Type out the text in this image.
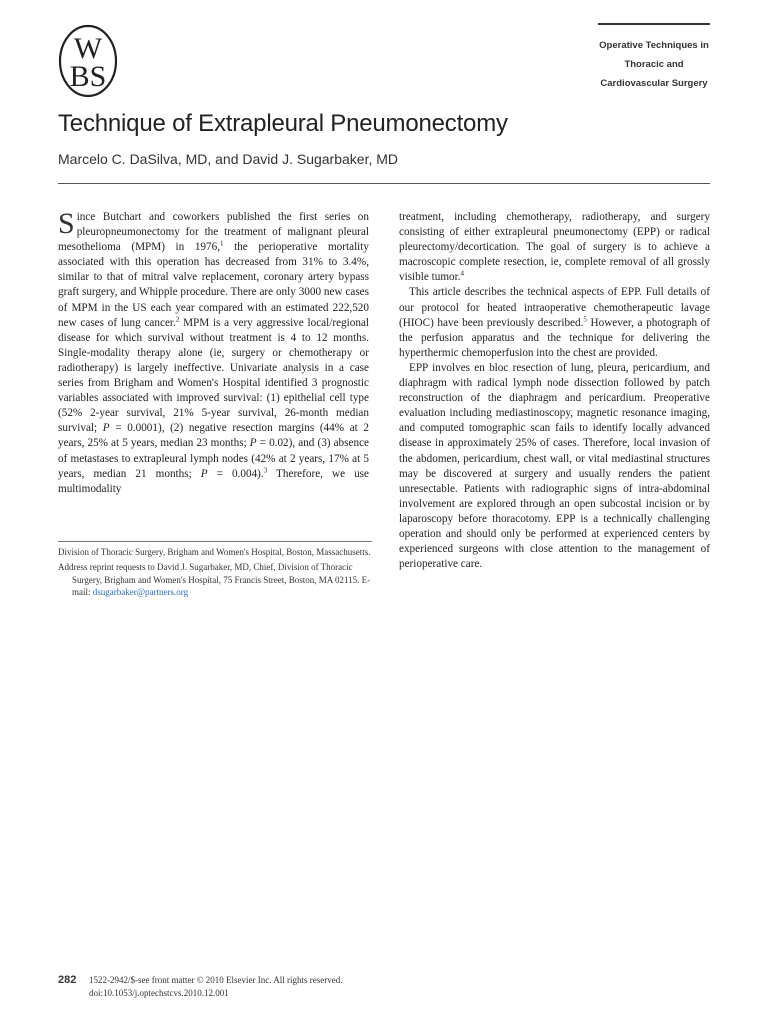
W
BS
Operative Techniques in
Thoracic and
Cardiovascular Surgery
Technique of Extrapleural Pneumonectomy

Marcelo C. DaSilva, MD, and David J. Sugarbaker, MD

Since Butchart and coworkers published the first series on pleuropneumonectomy for the treatment of malignant pleural mesothelioma (MPM) in 1976,$^1$ the perioperative mortality associated with this operation has decreased from 31% to 3.4%, similar to that of mitral valve replacement, coronary artery bypass graft surgery, and Whipple procedure. There are only 3000 new cases of MPM in the US each year compared with an estimated 222,520 new cases of lung cancer.$^2$ MPM is a very aggressive local/regional disease for which survival without treatment is 4 to 12 months. Single-modality therapy alone (ie, surgery or chemotherapy or radiotherapy) is largely ineffective. Univariate analysis in a case series from Brigham and Women's Hospital identified 3 prognostic variables associated with improved survival: (1) epithelial cell type (52% 2-year survival, 21% 5-year survival, 26-month median survival; P = 0.0001), (2) negative resection margins (44% at 2 years, 25% at 5 years, median 23 months; P = 0.02), and (3) absence of metastases to extrapleural lymph nodes (42% at 2 years, 17% at 5 years, median 21 months; P = 0.004).$^3$ Therefore, we use multimodality

Division of Thoracic Surgery, Brigham and Women's Hospital, Boston, Massachusetts.

Address reprint requests to David J. Sugarbaker, MD, Chief, Division of Thoracic Surgery, Brigham and Women's Hospital, 75 Francis Street, Boston, MA 02115. E-mail: dsugarbaker@partners.org

treatment, including chemotherapy, radiotherapy, and surgery consisting of either extrapleural pneumonectomy (EPP) or radical pleurectomy/decortication. The goal of surgery is to achieve a macroscopic complete resection, ie, complete removal of all grossly visible tumor.$^4$

This article describes the technical aspects of EPP. Full details of our protocol for heated intraoperative chemotherapeutic lavage (HIOC) have been previously described.$^5$ However, a photograph of the perfusion apparatus and the technique for delivering the hyperthermic chemoperfusion into the chest are provided.

EPP involves en bloc resection of lung, pleura, pericardium, and diaphragm with radical lymph node dissection followed by patch reconstruction of the diaphragm and pericardium. Preoperative evaluation including mediastinoscopy, magnetic resonance imaging, and computed tomographic scan fails to identify locally advanced disease in approximately 25% of cases. Therefore, local invasion of the abdomen, pericardium, chest wall, or vital mediastinal structures may be discovered at surgery and usually renders the patient unresectable. Patients with radiographic signs of intra-abdominal involvement are explored through an open subcostal incision or by laparoscopy before thoracotomy. EPP is a technically challenging operation and should only be performed at experienced centers by experienced surgeons with close attention to the management of perioperative care.

282 1522-2942/$-see front matter © 2010 Elsevier Inc. All rights reserved.
doi:10.1053/j.optechstcvs.2010.12.001
